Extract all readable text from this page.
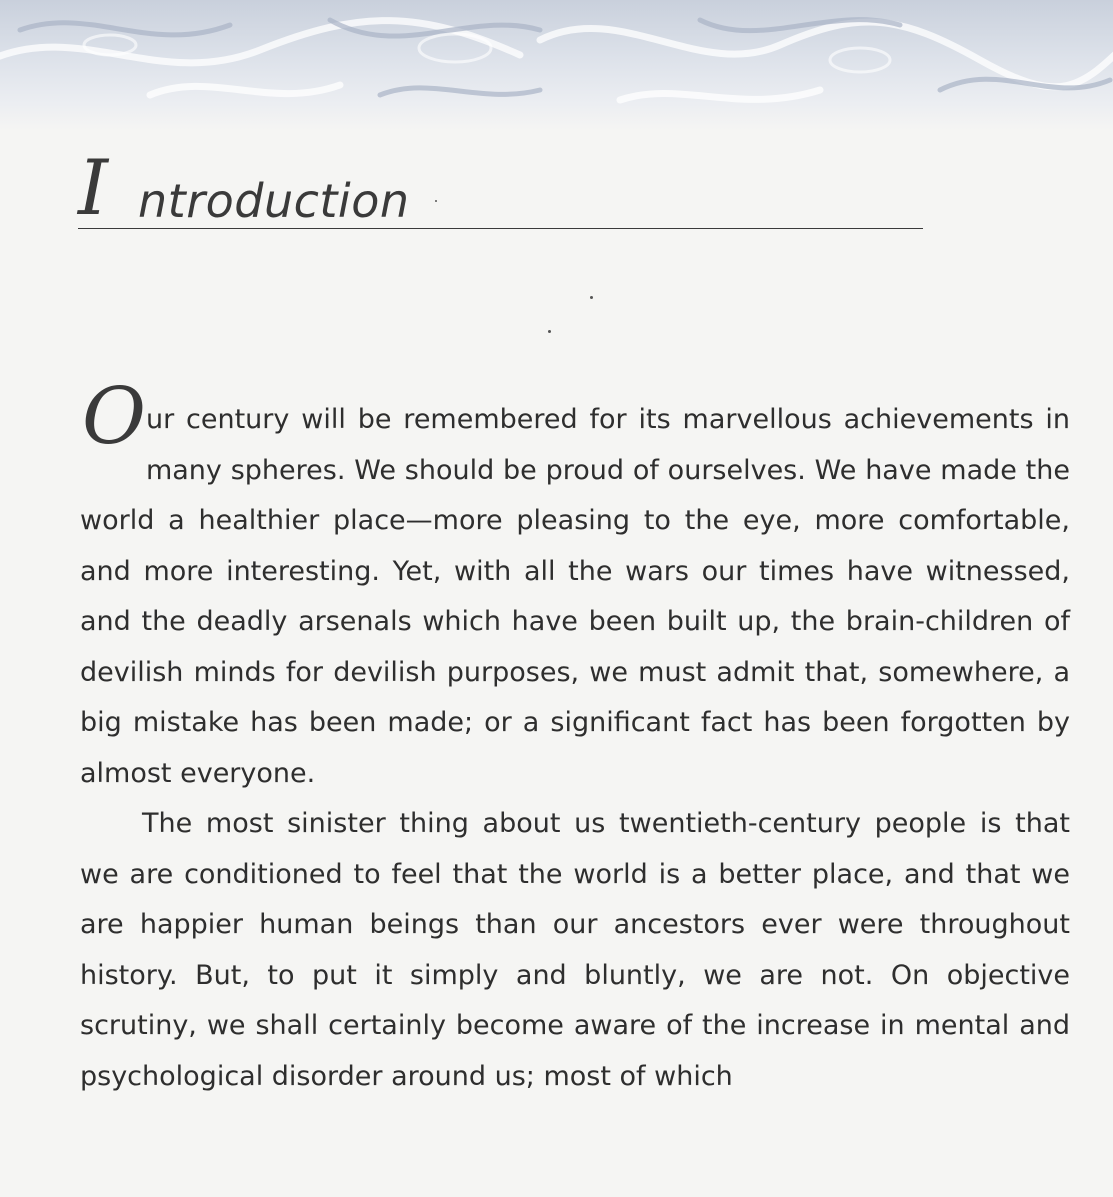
I ntroduction

Our century will be remembered for its marvellous achievements in many spheres. We should be proud of ourselves. We have made the world a healthier place—more pleasing to the eye, more comfortable, and more interesting. Yet, with all the wars our times have witnessed, and the deadly arsenals which have been built up, the brain-children of devilish minds for devilish purposes, we must admit that, somewhere, a big mistake has been made; or a significant fact has been forgotten by almost everyone.

The most sinister thing about us twentieth-century people is that we are conditioned to feel that the world is a better place, and that we are happier human beings than our ancestors ever were throughout history. But, to put it simply and bluntly, we are not. On objective scrutiny, we shall certainly become aware of the increase in mental and psychological disorder around us; most of which
